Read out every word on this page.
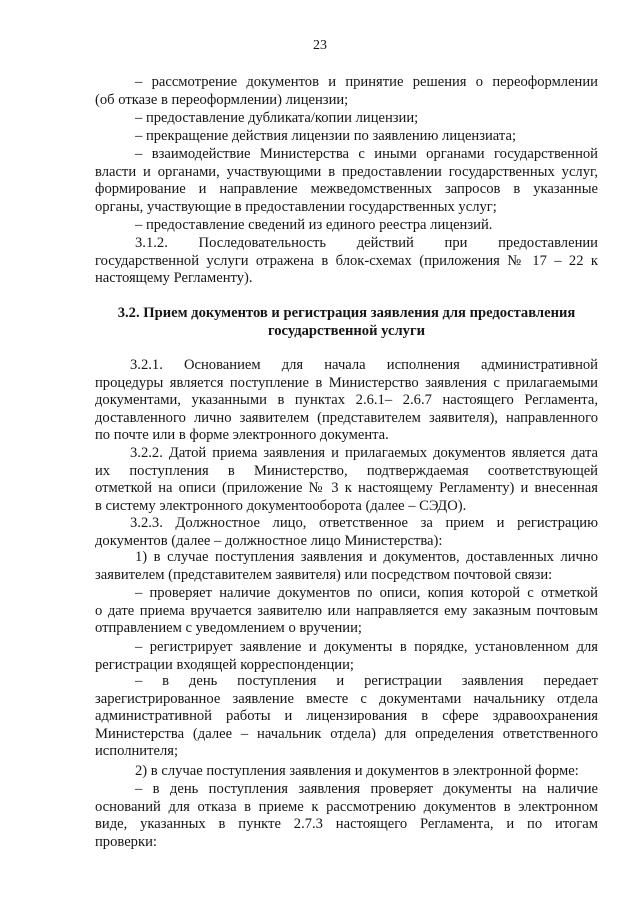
23
– рассмотрение документов и принятие решения о переоформлении
(об отказе в переоформлении) лицензии;
– предоставление дубликата/копии лицензии;
– прекращение действия лицензии по заявлению лицензиата;
– взаимодействие Министерства с иными органами государственной
власти и органами, участвующими в предоставлении государственных услуг,
формирование и направление межведомственных запросов в указанные
органы, участвующие в предоставлении государственных услуг;
– предоставление сведений из единого реестра лицензий.
3.1.2. Последовательность действий при предоставлении
государственной услуги отражена в блок-схемах (приложения № 17 – 22 к
настоящему Регламенту).
3.2. Прием документов и регистрация заявления для предоставления
государственной услуги
3.2.1. Основанием для начала исполнения административной
процедуры является поступление в Министерство заявления с прилагаемыми
документами, указанными в пунктах 2.6.1– 2.6.7 настоящего Регламента,
доставленного лично заявителем (представителем заявителя), направленного
по почте или в форме электронного документа.
3.2.2. Датой приема заявления и прилагаемых документов является дата
их поступления в Министерство, подтверждаемая соответствующей
отметкой на описи (приложение № 3 к настоящему Регламенту) и внесенная
в систему электронного документооборота (далее – СЭДО).
3.2.3. Должностное лицо, ответственное за прием и регистрацию
документов (далее – должностное лицо Министерства):
1) в случае поступления заявления и документов, доставленных лично
заявителем (представителем заявителя) или посредством почтовой связи:
– проверяет наличие документов по описи, копия которой с отметкой
о дате приема вручается заявителю или направляется ему заказным почтовым
отправлением с уведомлением о вручении;
– регистрирует заявление и документы в порядке, установленном для
регистрации входящей корреспонденции;
– в день поступления и регистрации заявления передает
зарегистрированное заявление вместе с документами начальнику отдела
административной работы и лицензирования в сфере здравоохранения
Министерства (далее – начальник отдела) для определения ответственного
исполнителя;
2) в случае поступления заявления и документов в электронной форме:
– в день поступления заявления проверяет документы на наличие
оснований для отказа в приеме к рассмотрению документов в электронном
виде, указанных в пункте 2.7.3 настоящего Регламента, и по итогам
проверки:
